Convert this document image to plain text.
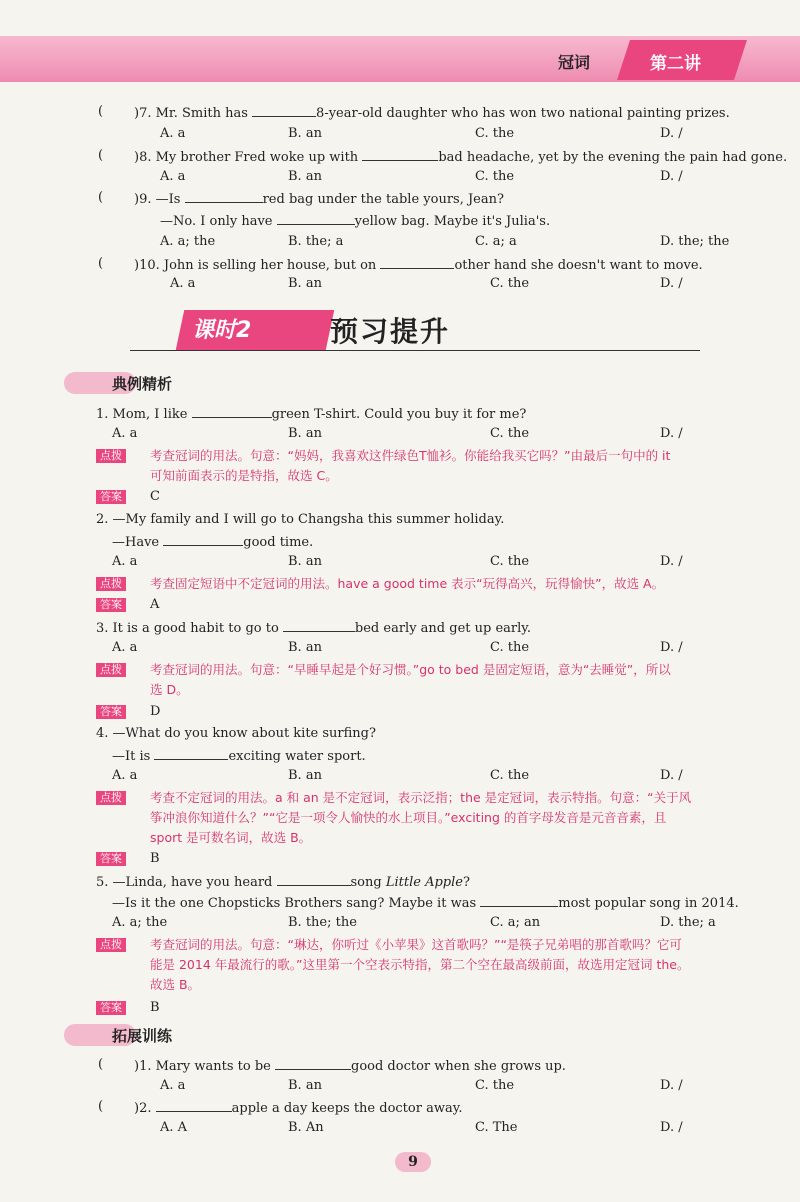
冠词	第二讲
( )7. Mr. Smith has	8-year-old daughter who has won two national painting prizes.
A. a	B. an	C. the	D. /
( )8. My brother Fred woke up with	bad headache, yet by the evening the pain had gone.
A. a	B. an	C. the	D. /
( )9. —Is	red bag under the table yours, Jean?
—No. I only have	yellow bag. Maybe it's Julia's.
A. a; the	B. the; a	C. a; a	D. the; the
( )10. John is selling her house, but on	other hand she doesn't want to move.
A. a	B. an	C. the	D. /
课时2	预习提升
典例精析
1. Mom, I like	green T-shirt. Could you buy it for me?
A. a	B. an	C. the	D. /
点拨	考查冠词的用法。句意：“妈妈，我喜欢这件绿色T恤衫。你能给我买它吗？”由最后一句中的 it
可知前面表示的是特指，故选 C。
答案	C
2. —My family and I will go to Changsha this summer holiday.
—Have	good time.
A. a	B. an	C. the	D. /
点拨	考查固定短语中不定冠词的用法。have a good time 表示“玩得高兴，玩得愉快”，故选 A。
答案	A
3. It is a good habit to go to	bed early and get up early.
A. a	B. an	C. the	D. /
点拨	考查冠词的用法。句意：“早睡早起是个好习惯。”go to bed 是固定短语，意为“去睡觉”，所以
选 D。
答案	D
4. —What do you know about kite surfing?
—It is	exciting water sport.
A. a	B. an	C. the	D. /
点拨	考查不定冠词的用法。a 和 an 是不定冠词，表示泛指；the 是定冠词，表示特指。句意：“关于风
筝冲浪你知道什么？”“它是一项令人愉快的水上项目。”exciting 的首字母发音是元音音素，且
sport 是可数名词，故选 B。
答案	B
5. —Linda, have you heard	song Little Apple?
—Is it the one Chopsticks Brothers sang? Maybe it was	most popular song in 2014.
A. a; the	B. the; the	C. a; an	D. the; a
点拨	考查冠词的用法。句意：“琳达，你听过《小苹果》这首歌吗？”“是筷子兄弟唱的那首歌吗？它可
能是 2014 年最流行的歌。”这里第一个空表示特指，第二个空在最高级前面，故选用定冠词 the。
故选 B。
答案	B
拓展训练
( )1. Mary wants to be	good doctor when she grows up.
A. a	B. an	C. the	D. /
( )2.	apple a day keeps the doctor away.
A. A	B. An	C. The	D. /
9
